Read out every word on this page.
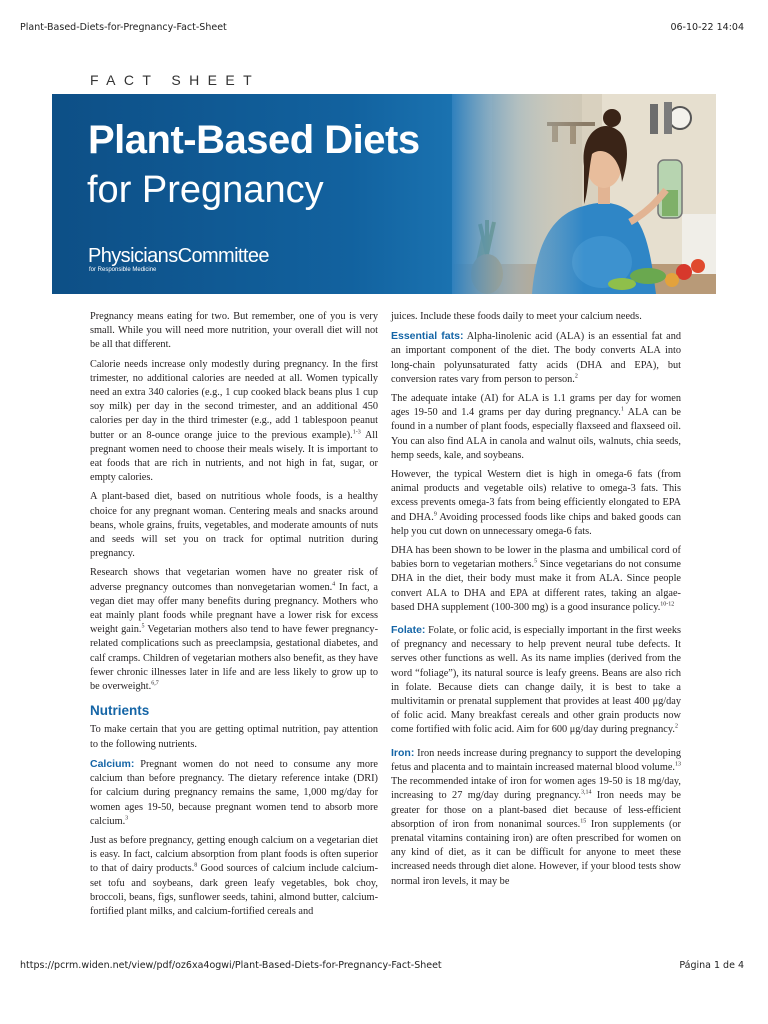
Plant-Based-Diets-for-Pregnancy-Fact-Sheet	06-10-22 14:04
FACT SHEET
Plant-Based Diets
for Pregnancy
PhysiciansCommittee
for Responsible Medicine

Pregnancy means eating for two. But remember, one of you is very small. While you will need more nutrition, your overall diet will not be all that different.

Calorie needs increase only modestly during pregnancy. In the first trimester, no additional calories are needed at all. Women typically need an extra 340 calories (e.g., 1 cup cooked black beans plus 1 cup soy milk) per day in the second trimester, and an additional 450 calories per day in the third trimester (e.g., add 1 tablespoon peanut butter or an 8-ounce orange juice to the previous example).$^{1-3}$ All pregnant women need to choose their meals wisely. It is important to eat foods that are rich in nutrients, and not high in fat, sugar, or empty calories.

A plant-based diet, based on nutritious whole foods, is a healthy choice for any pregnant woman. Centering meals and snacks around beans, whole grains, fruits, vegetables, and moderate amounts of nuts and seeds will set you on track for optimal nutrition during pregnancy.

Research shows that vegetarian women have no greater risk of adverse pregnancy outcomes than nonvegetarian women.$^4$ In fact, a vegan diet may offer many benefits during pregnancy. Mothers who eat mainly plant foods while pregnant have a lower risk for excess weight gain.$^5$ Vegetarian mothers also tend to have fewer pregnancy-related complications such as preeclampsia, gestational diabetes, and calf cramps. Children of vegetarian mothers also benefit, as they have fewer chronic illnesses later in life and are less likely to grow up to be overweight.$^{6,7}$

Nutrients

To make certain that you are getting optimal nutrition, pay attention to the following nutrients.

Calcium: Pregnant women do not need to consume any more calcium than before pregnancy. The dietary reference intake (DRI) for calcium during pregnancy remains the same, 1,000 mg/day for women ages 19-50, because pregnant women tend to absorb more calcium.$^3$

Just as before pregnancy, getting enough calcium on a vegetarian diet is easy. In fact, calcium absorption from plant foods is often superior to that of dairy products.$^8$ Good sources of calcium include calcium-set tofu and soybeans, dark green leafy vegetables, bok choy, broccoli, beans, figs, sunflower seeds, tahini, almond butter, calcium-fortified plant milks, and calcium-fortified cereals and

juices. Include these foods daily to meet your calcium needs.

Essential fats: Alpha-linolenic acid (ALA) is an essential fat and an important component of the diet. The body converts ALA into long-chain polyunsaturated fatty acids (DHA and EPA), but conversion rates vary from person to person.$^2$

The adequate intake (AI) for ALA is 1.1 grams per day for women ages 19-50 and 1.4 grams per day during pregnancy.$^1$ ALA can be found in a number of plant foods, especially flaxseed and flaxseed oil. You can also find ALA in canola and walnut oils, walnuts, chia seeds, hemp seeds, kale, and soybeans.

However, the typical Western diet is high in omega-6 fats (from animal products and vegetable oils) relative to omega-3 fats. This excess prevents omega-3 fats from being efficiently elongated to EPA and DHA.$^9$ Avoiding processed foods like chips and baked goods can help you cut down on unnecessary omega-6 fats.

DHA has been shown to be lower in the plasma and umbilical cord of babies born to vegetarian mothers.$^5$ Since vegetarians do not consume DHA in the diet, their body must make it from ALA. Since people convert ALA to DHA and EPA at different rates, taking an algae-based DHA supplement (100-300 mg) is a good insurance policy.$^{10-12}$

Folate: Folate, or folic acid, is especially important in the first weeks of pregnancy and necessary to help prevent neural tube defects. It serves other functions as well. As its name implies (derived from the word “foliage”), its natural source is leafy greens. Beans are also rich in folate. Because diets can change daily, it is best to take a multivitamin or prenatal supplement that provides at least 400 μg/day of folic acid. Many breakfast cereals and other grain products now come fortified with folic acid. Aim for 600 μg/day during pregnancy.$^2$

Iron: Iron needs increase during pregnancy to support the developing fetus and placenta and to maintain increased maternal blood volume.$^{13}$ The recommended intake of iron for women ages 19-50 is 18 mg/day, increasing to 27 mg/day during pregnancy.$^{3,14}$ Iron needs may be greater for those on a plant-based diet because of less-efficient absorption of iron from nonanimal sources.$^{15}$ Iron supplements (or prenatal vitamins containing iron) are often prescribed for women on any kind of diet, as it can be difficult for anyone to meet these increased needs through diet alone. However, if your blood tests show normal iron levels, it may be

https://pcrm.widen.net/view/pdf/oz6xa4ogwi/Plant-Based-Diets-for-Pregnancy-Fact-Sheet	Página 1 de 4
